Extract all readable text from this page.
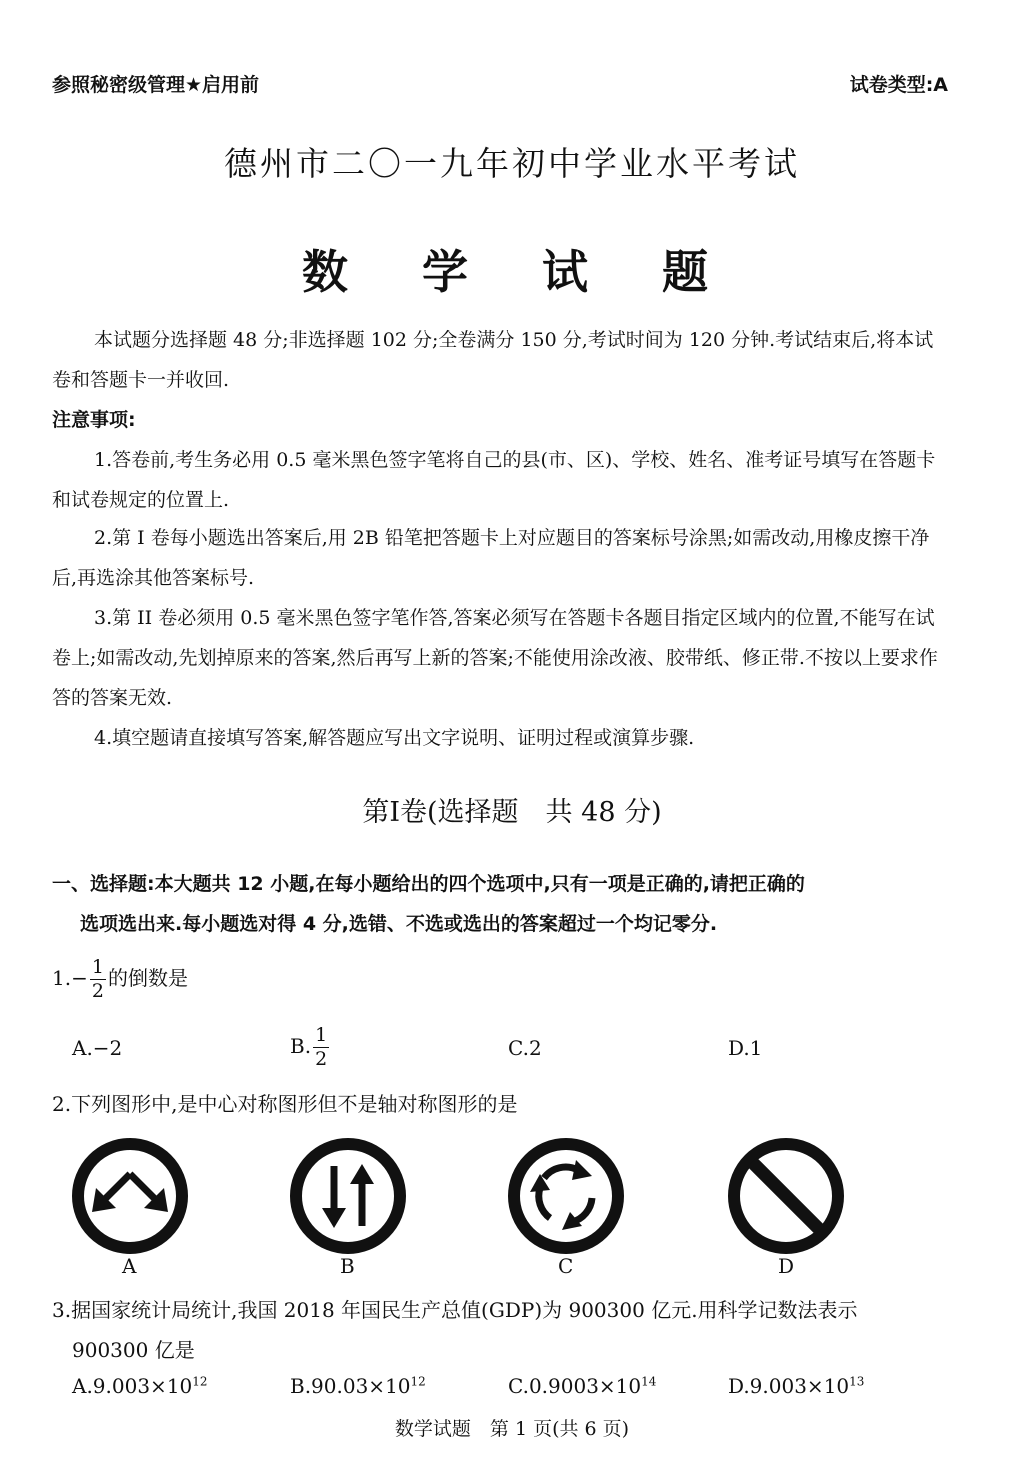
参照秘密级管理★启用前	试卷类型:A
德州市二〇一九年初中学业水平考试
数 学 试 题
本试题分选择题 48 分;非选择题 102 分;全卷满分 150 分,考试时间为 120 分钟.考试结束后,将本试卷和答题卡一并收回.
注意事项:
1.答卷前,考生务必用 0.5 毫米黑色签字笔将自己的县(市、区)、学校、姓名、准考证号填写在答题卡和试卷规定的位置上.
2.第 I 卷每小题选出答案后,用 2B 铅笔把答题卡上对应题目的答案标号涂黑;如需改动,用橡皮擦干净后,再选涂其他答案标号.
3.第 II 卷必须用 0.5 毫米黑色签字笔作答,答案必须写在答题卡各题目指定区域内的位置,不能写在试卷上;如需改动,先划掉原来的答案,然后再写上新的答案;不能使用涂改液、胶带纸、修正带.不按以上要求作答的答案无效.
4.填空题请直接填写答案,解答题应写出文字说明、证明过程或演算步骤.
第Ⅰ卷(选择题　共 48 分)
一、选择题:本大题共 12 小题,在每小题给出的四个选项中,只有一项是正确的,请把正确的
选项选出来.每小题选对得 4 分,选错、不选或选出的答案超过一个均记零分.
$1.- \frac{1}{2}$ 的倒数是
A.−2	B. $\frac{1}{2}$	C.2	D.1
2.下列图形中,是中心对称图形但不是轴对称图形的是
A	B	C	D
3.据国家统计局统计,我国 2018 年国民生产总值(GDP)为 900300 亿元.用科学记数法表示
900300 亿是
$A.9.003\times 10^{12}$	$B.90.03\times 10^{12}$	$C.0.9003\times 10^{14}$	$D.9.003\times 10^{13}$
数学试题　第 1 页(共 6 页)
